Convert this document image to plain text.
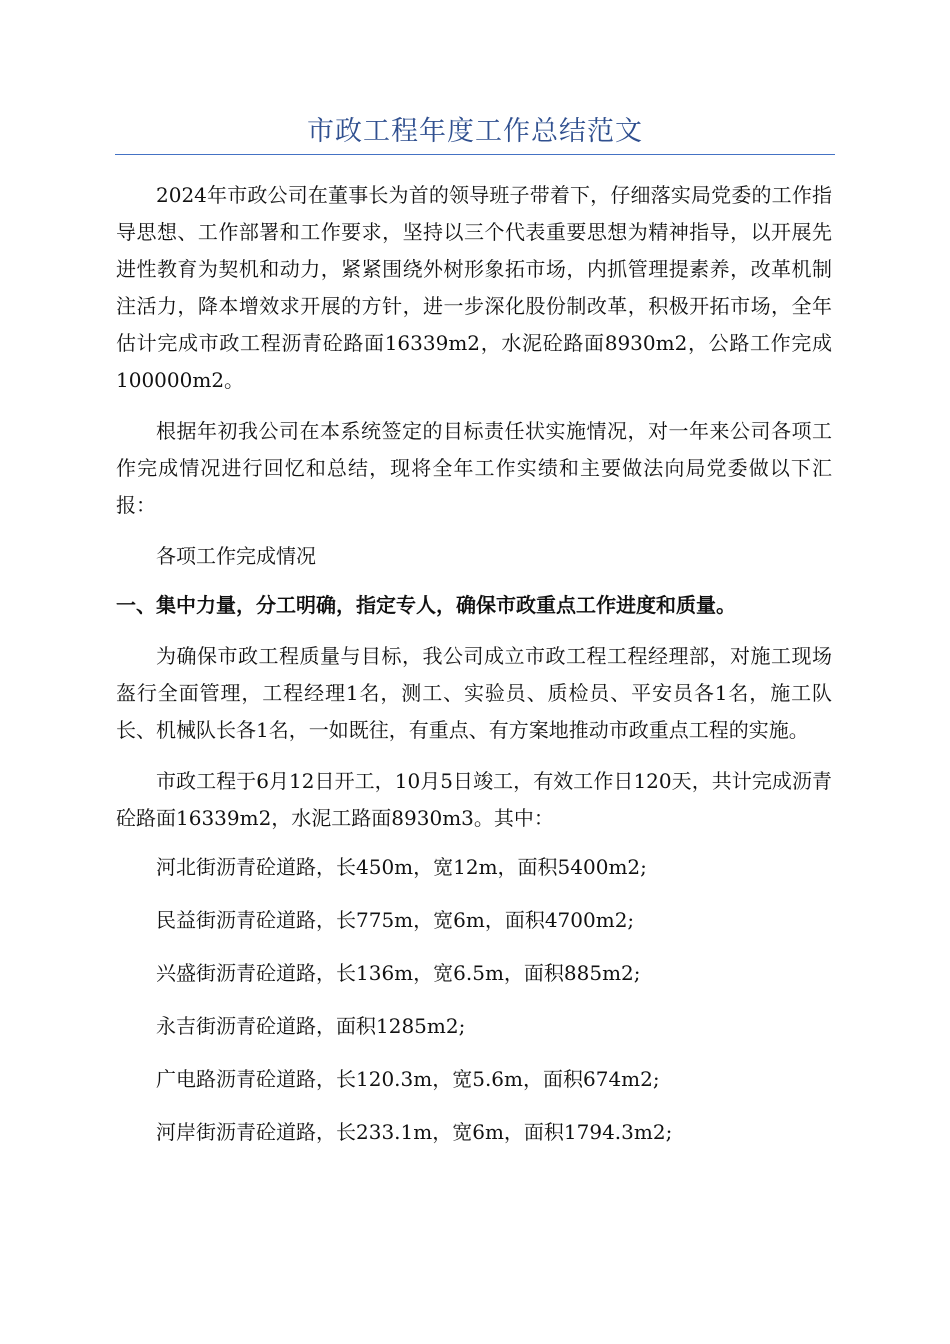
市政工程年度工作总结范文

2024年市政公司在董事长为首的领导班子带着下，仔细落实局党委的工作指导思想、工作部署和工作要求，坚持以三个代表重要思想为精神指导，以开展先进性教育为契机和动力，紧紧围绕外树形象拓市场，内抓管理提素养，改革机制注活力，降本增效求开展的方针，进一步深化股份制改革，积极开拓市场，全年估计完成市政工程沥青砼路面16339m2，水泥砼路面8930m2，公路工作完成100000m2。

根据年初我公司在本系统签定的目标责任状实施情况，对一年来公司各项工作完成情况进行回忆和总结，现将全年工作实绩和主要做法向局党委做以下汇报：

各项工作完成情况

一、集中力量，分工明确，指定专人，确保市政重点工作进度和质量。

为确保市政工程质量与目标，我公司成立市政工程工程经理部，对施工现场盔行全面管理，工程经理1名，测工、实验员、质检员、平安员各1名，施工队长、机械队长各1名，一如既往，有重点、有方案地推动市政重点工程的实施。

市政工程于6月12日开工，10月5日竣工，有效工作日120天，共计完成沥青砼路面16339m2，水泥工路面8930m3。其中：

河北街沥青砼道路，长450m，宽12m，面积5400m2;

民益街沥青砼道路，长775m，宽6m，面积4700m2;

兴盛街沥青砼道路，长136m，宽6.5m，面积885m2;

永吉街沥青砼道路，面积1285m2;

广电路沥青砼道路，长120.3m，宽5.6m，面积674m2;

河岸街沥青砼道路，长233.1m，宽6m，面积1794.3m2;
